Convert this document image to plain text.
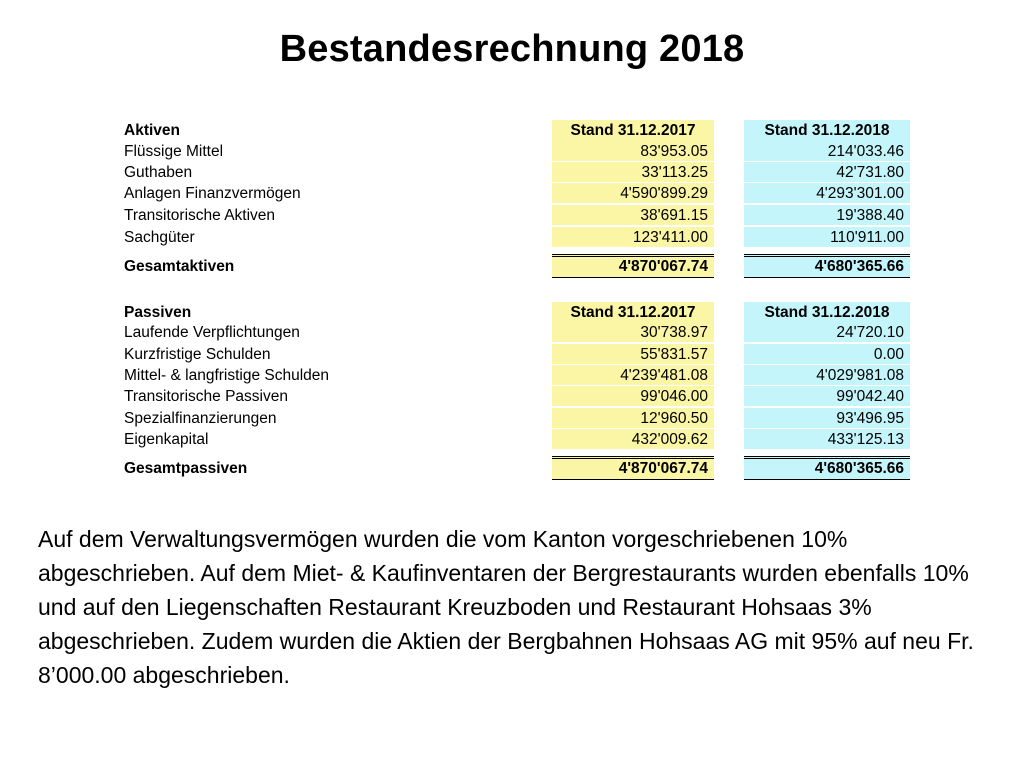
Bestandesrechnung 2018
Aktiven	Stand 31.12.2017	Stand 31.12.2018
Flüssige Mittel	83'953.05	214'033.46
Guthaben	33'113.25	42'731.80
Anlagen Finanzvermögen	4'590'899.29	4'293'301.00
Transitorische Aktiven	38'691.15	19'388.40
Sachgüter	123'411.00	110'911.00
Gesamtaktiven	4'870'067.74	4'680'365.66
Passiven	Stand 31.12.2017	Stand 31.12.2018
Laufende Verpflichtungen	30'738.97	24'720.10
Kurzfristige Schulden	55'831.57	0.00
Mittel- & langfristige Schulden	4'239'481.08	4'029'981.08
Transitorische Passiven	99'046.00	99'042.40
Spezialfinanzierungen	12'960.50	93'496.95
Eigenkapital	432'009.62	433'125.13
Gesamtpassiven	4'870'067.74	4'680'365.66
Auf dem Verwaltungsvermögen wurden die vom Kanton vorgeschriebenen 10% abgeschrieben. Auf dem Miet- & Kaufinventaren der Bergrestaurants wurden ebenfalls 10% und auf den Liegenschaften Restaurant Kreuzboden und Restaurant Hohsaas 3% abgeschrieben. Zudem wurden die Aktien der Bergbahnen Hohsaas AG mit 95% auf neu Fr. 8’000.00 abgeschrieben.
